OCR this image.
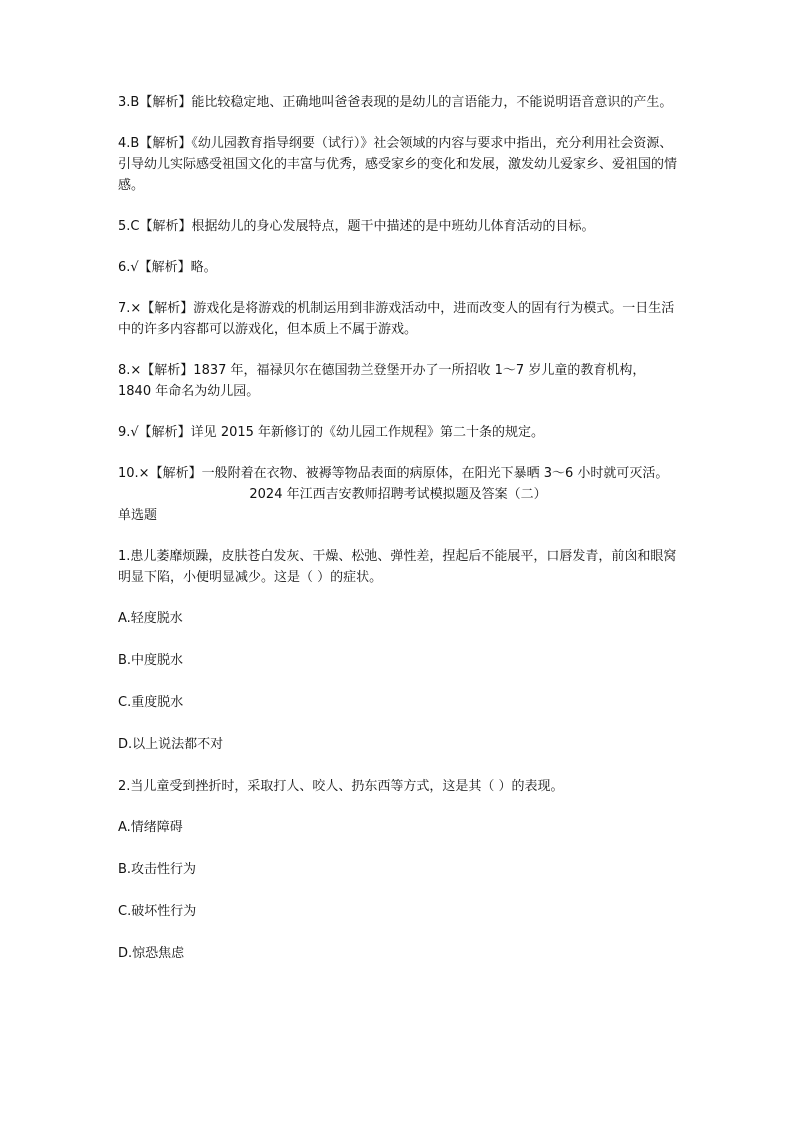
3.B【解析】能比较稳定地、正确地叫爸爸表现的是幼儿的言语能力，不能说明语音意识的产生。

4.B【解析】《幼儿园教育指导纲要（试行）》社会领域的内容与要求中指出，充分利用社会资源、引导幼儿实际感受祖国文化的丰富与优秀，感受家乡的变化和发展，激发幼儿爱家乡、爱祖国的情感。

5.C【解析】根据幼儿的身心发展特点，题干中描述的是中班幼儿体育活动的目标。

6.√【解析】略。

7.×【解析】游戏化是将游戏的机制运用到非游戏活动中，进而改变人的固有行为模式。一日生活中的许多内容都可以游戏化，但本质上不属于游戏。

8.×【解析】1837 年，福禄贝尔在德国勃兰登堡开办了一所招收 1～7 岁儿童的教育机构，1840 年命名为幼儿园。

9.√【解析】详见 2015 年新修订的《幼儿园工作规程》第二十条的规定。

10.×【解析】一般附着在衣物、被褥等物品表面的病原体，在阳光下暴晒 3～6 小时就可灭活。

2024 年江西吉安教师招聘考试模拟题及答案（二）

单选题

1.患儿萎靡烦躁，皮肤苍白发灰、干燥、松弛、弹性差，捏起后不能展平，口唇发青，前囟和眼窝明显下陷，小便明显减少。这是（ ）的症状。

A.轻度脱水

B.中度脱水

C.重度脱水

D.以上说法都不对

2.当儿童受到挫折时，采取打人、咬人、扔东西等方式，这是其（ ）的表现。

A.情绪障碍

B.攻击性行为

C.破坏性行为

D.惊恐焦虑
